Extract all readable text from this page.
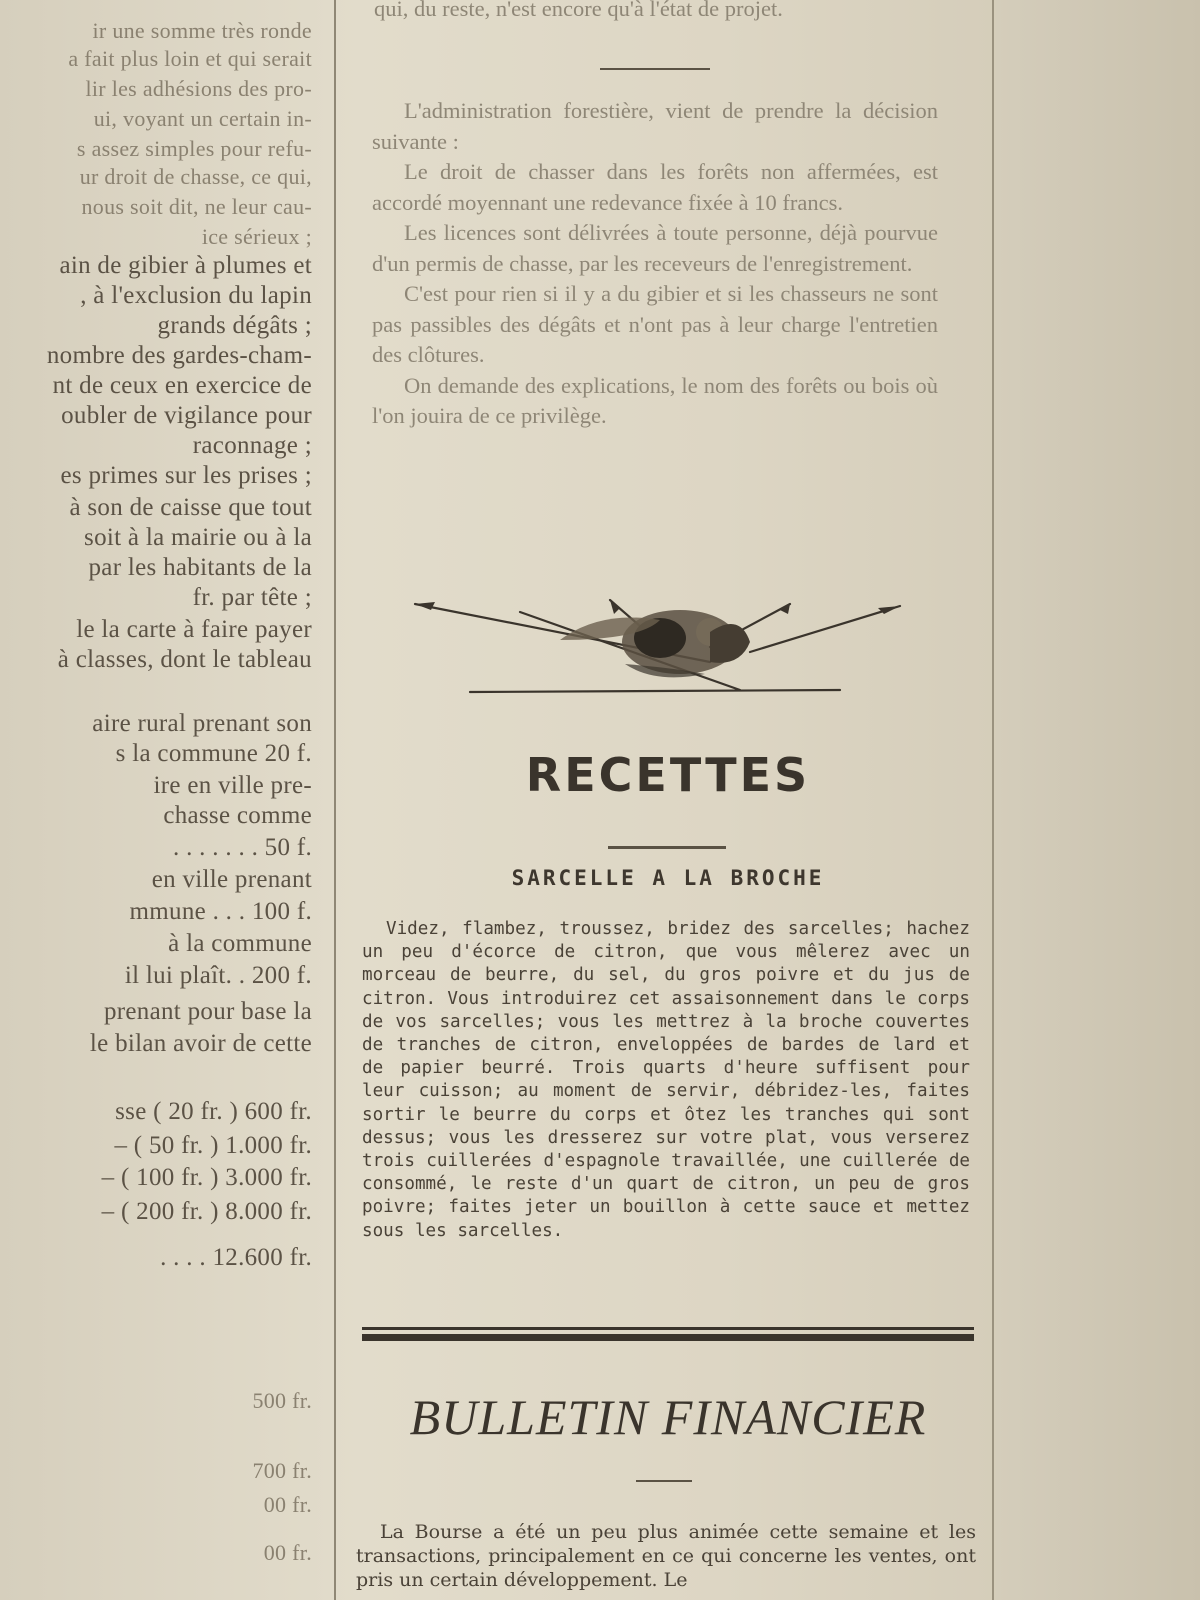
ir une somme très ronde
a fait plus loin et qui serait
lir les adhésions des pro-
ui, voyant un certain in-
s assez simples pour refu-
ur droit de chasse, ce qui,
nous soit dit, ne leur cau-
ice sérieux ;
ain de gibier à plumes et
, à l'exclusion du lapin
grands dégâts ;
nombre des gardes-cham-
nt de ceux en exercice de
oubler de vigilance pour
raconnage ;
es primes sur les prises ;
à son de caisse que tout
soit à la mairie ou à la
par les habitants de la
fr. par tête ;
le la carte à faire payer
à classes, dont le tableau
aire rural prenant son
s la commune 20 f.
ire en ville pre-
chasse comme
. . . . . . . 50 f.
en ville prenant
mmune . . . 100 f.
à la commune
il lui plaît. . 200 f.
prenant pour base la
le bilan avoir de cette
sse ( 20 fr. ) 600 fr.
– ( 50 fr. ) 1.000 fr.
– ( 100 fr. ) 3.000 fr.
– ( 200 fr. ) 8.000 fr.
. . . . 12.600 fr.
500 fr.
700 fr.
00 fr.
00 fr.

qui, du reste, n'est encore qu'à l'état de projet.

L'administration forestière, vient de prendre la décision suivante :

Le droit de chasser dans les forêts non affermées, est accordé moyennant une redevance fixée à 10 francs.

Les licences sont délivrées à toute personne, déjà pourvue d'un permis de chasse, par les receveurs de l'enregistrement.

C'est pour rien si il y a du gibier et si les chasseurs ne sont pas passibles des dégâts et n'ont pas à leur charge l'entretien des clôtures.

On demande des explications, le nom des forêts ou bois où l'on jouira de ce privilège.

RECETTES
SARCELLE A LA BROCHE

Videz, flambez, troussez, bridez des sarcelles; hachez un peu d'écorce de citron, que vous mêlerez avec un morceau de beurre, du sel, du gros poivre et du jus de citron. Vous introduirez cet assaisonnement dans le corps de vos sarcelles; vous les mettrez à la broche couvertes de tranches de citron, enveloppées de bardes de lard et de papier beurré. Trois quarts d'heure suffisent pour leur cuisson; au moment de servir, débridez-les, faites sortir le beurre du corps et ôtez les tranches qui sont dessus; vous les dresserez sur votre plat, vous verserez trois cuillerées d'espagnole travaillée, une cuillerée de consommé, le reste d'un quart de citron, un peu de gros poivre; faites jeter un bouillon à cette sauce et mettez sous les sarcelles.

BULLETIN FINANCIER

La Bourse a été un peu plus animée cette semaine et les transactions, principalement en ce qui concerne les ventes, ont pris un certain développement. Le
